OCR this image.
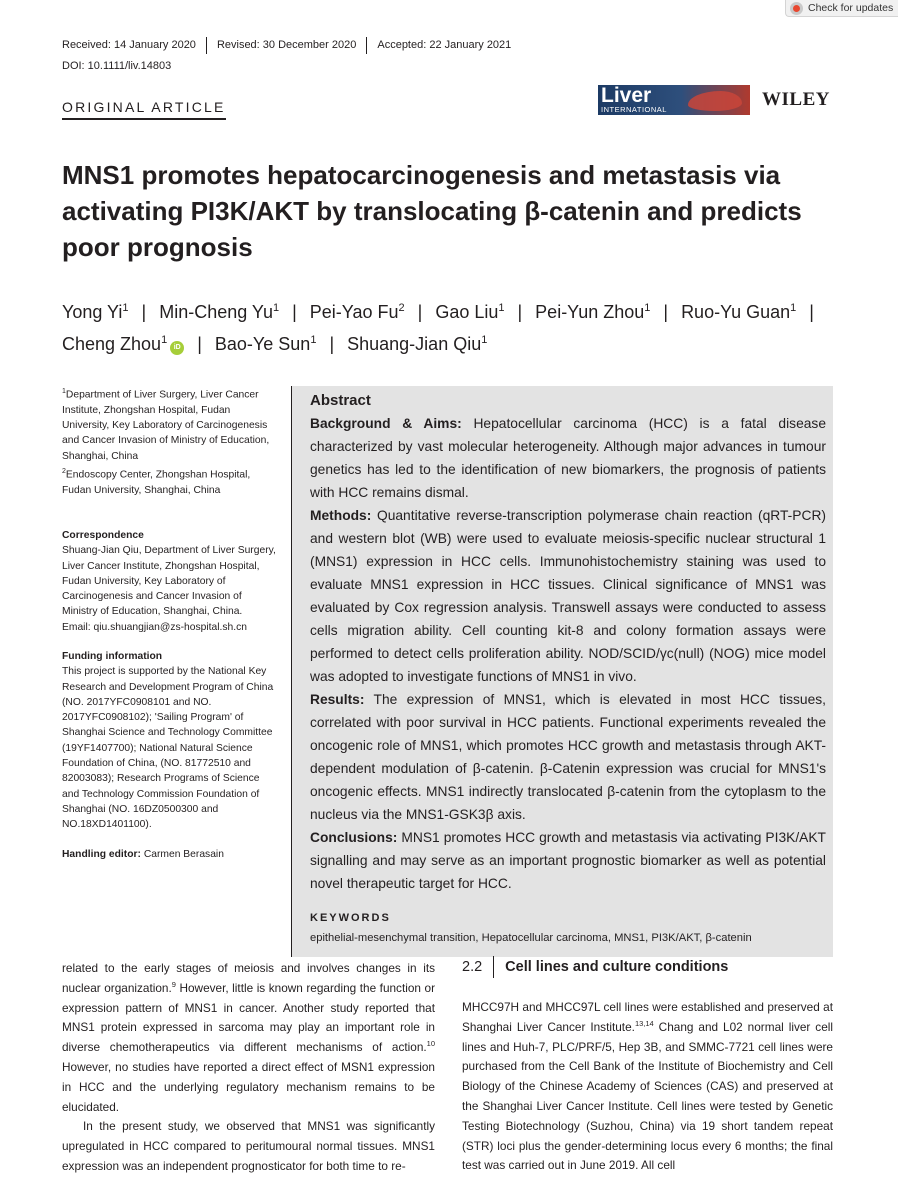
Check for updates
Received: 14 January 2020	Revised: 30 December 2020	Accepted: 22 January 2021
DOI: 10.1111/liv.14803
ORIGINAL ARTICLE	Liver
INTERNATIONAL	WILEY
MNS1 promotes hepatocarcinogenesis and metastasis via activating PI3K/AKT by translocating β-catenin and predicts poor prognosis
Yong Yi$^1$ | Min-Cheng Yu$^1$ | Pei-Yao Fu$^2$ | Gao Liu$^1$ | Pei-Yun Zhou$^1$ | Ruo-Yu Guan$^1$ |
Cheng Zhou$^1$iD | Bao-Ye Sun$^1$ | Shuang-Jian Qiu$^1$

$^1$Department of Liver Surgery, Liver Cancer Institute, Zhongshan Hospital, Fudan University, Key Laboratory of Carcinogenesis and Cancer Invasion of Ministry of Education, Shanghai, China

$^2$Endoscopy Center, Zhongshan Hospital, Fudan University, Shanghai, China

Correspondence

Shuang-Jian Qiu, Department of Liver Surgery, Liver Cancer Institute, Zhongshan Hospital, Fudan University, Key Laboratory of Carcinogenesis and Cancer Invasion of Ministry of Education, Shanghai, China.

Email: qiu.shuangjian@zs-hospital.sh.cn

Funding information

This project is supported by the National Key Research and Development Program of China (NO. 2017YFC0908101 and NO. 2017YFC0908102); 'Sailing Program' of Shanghai Science and Technology Committee (19YF1407700); National Natural Science Foundation of China, (NO. 81772510 and 82003083); Research Programs of Science and Technology Commission Foundation of Shanghai (NO. 16DZ0500300 and NO.18XD1401100).

Handling editor: Carmen Berasain

Abstract

Background & Aims: Hepatocellular carcinoma (HCC) is a fatal disease characterized by vast molecular heterogeneity. Although major advances in tumour genetics has led to the identification of new biomarkers, the prognosis of patients with HCC remains dismal.

Methods: Quantitative reverse-transcription polymerase chain reaction (qRT-PCR) and western blot (WB) were used to evaluate meiosis-specific nuclear structural 1 (MNS1) expression in HCC cells. Immunohistochemistry staining was used to evaluate MNS1 expression in HCC tissues. Clinical significance of MNS1 was evaluated by Cox regression analysis. Transwell assays were conducted to assess cells migration ability. Cell counting kit-8 and colony formation assays were performed to detect cells proliferation ability. NOD/SCID/γc(null) (NOG) mice model was adopted to investigate functions of MNS1 in vivo.

Results: The expression of MNS1, which is elevated in most HCC tissues, correlated with poor survival in HCC patients. Functional experiments revealed the oncogenic role of MNS1, which promotes HCC growth and metastasis through AKT-dependent modulation of β-catenin. β-Catenin expression was crucial for MNS1's oncogenic effects. MNS1 indirectly translocated β-catenin from the cytoplasm to the nucleus via the MNS1-GSK3β axis.

Conclusions: MNS1 promotes HCC growth and metastasis via activating PI3K/AKT signalling and may serve as an important prognostic biomarker as well as potential novel therapeutic target for HCC.

KEYWORDS
epithelial-mesenchymal transition, Hepatocellular carcinoma, MNS1, PI3K/AKT, β-catenin

related to the early stages of meiosis and involves changes in its nuclear organization.$^9$ However, little is known regarding the function or expression pattern of MNS1 in cancer. Another study reported that MNS1 protein expressed in sarcoma may play an important role in diverse chemotherapeutics via different mechanisms of action.$^{10}$ However, no studies have reported a direct effect of MSN1 expression in HCC and the underlying regulatory mechanism remains to be elucidated.

In the present study, we observed that MNS1 was significantly upregulated in HCC compared to peritumoural normal tissues. MNS1 expression was an independent prognosticator for both time to re-

2.2	Cell lines and culture conditions

MHCC97H and MHCC97L cell lines were established and preserved at Shanghai Liver Cancer Institute.$^{13,14}$ Chang and L02 normal liver cell lines and Huh-7, PLC/PRF/5, Hep 3B, and SMMC-7721 cell lines were purchased from the Cell Bank of the Institute of Biochemistry and Cell Biology of the Chinese Academy of Sciences (CAS) and preserved at the Shanghai Liver Cancer Institute. Cell lines were tested by Genetic Testing Biotechnology (Suzhou, China) via 19 short tandem repeat (STR) loci plus the gender-determining locus every 6 months; the final test was carried out in June 2019. All cell
